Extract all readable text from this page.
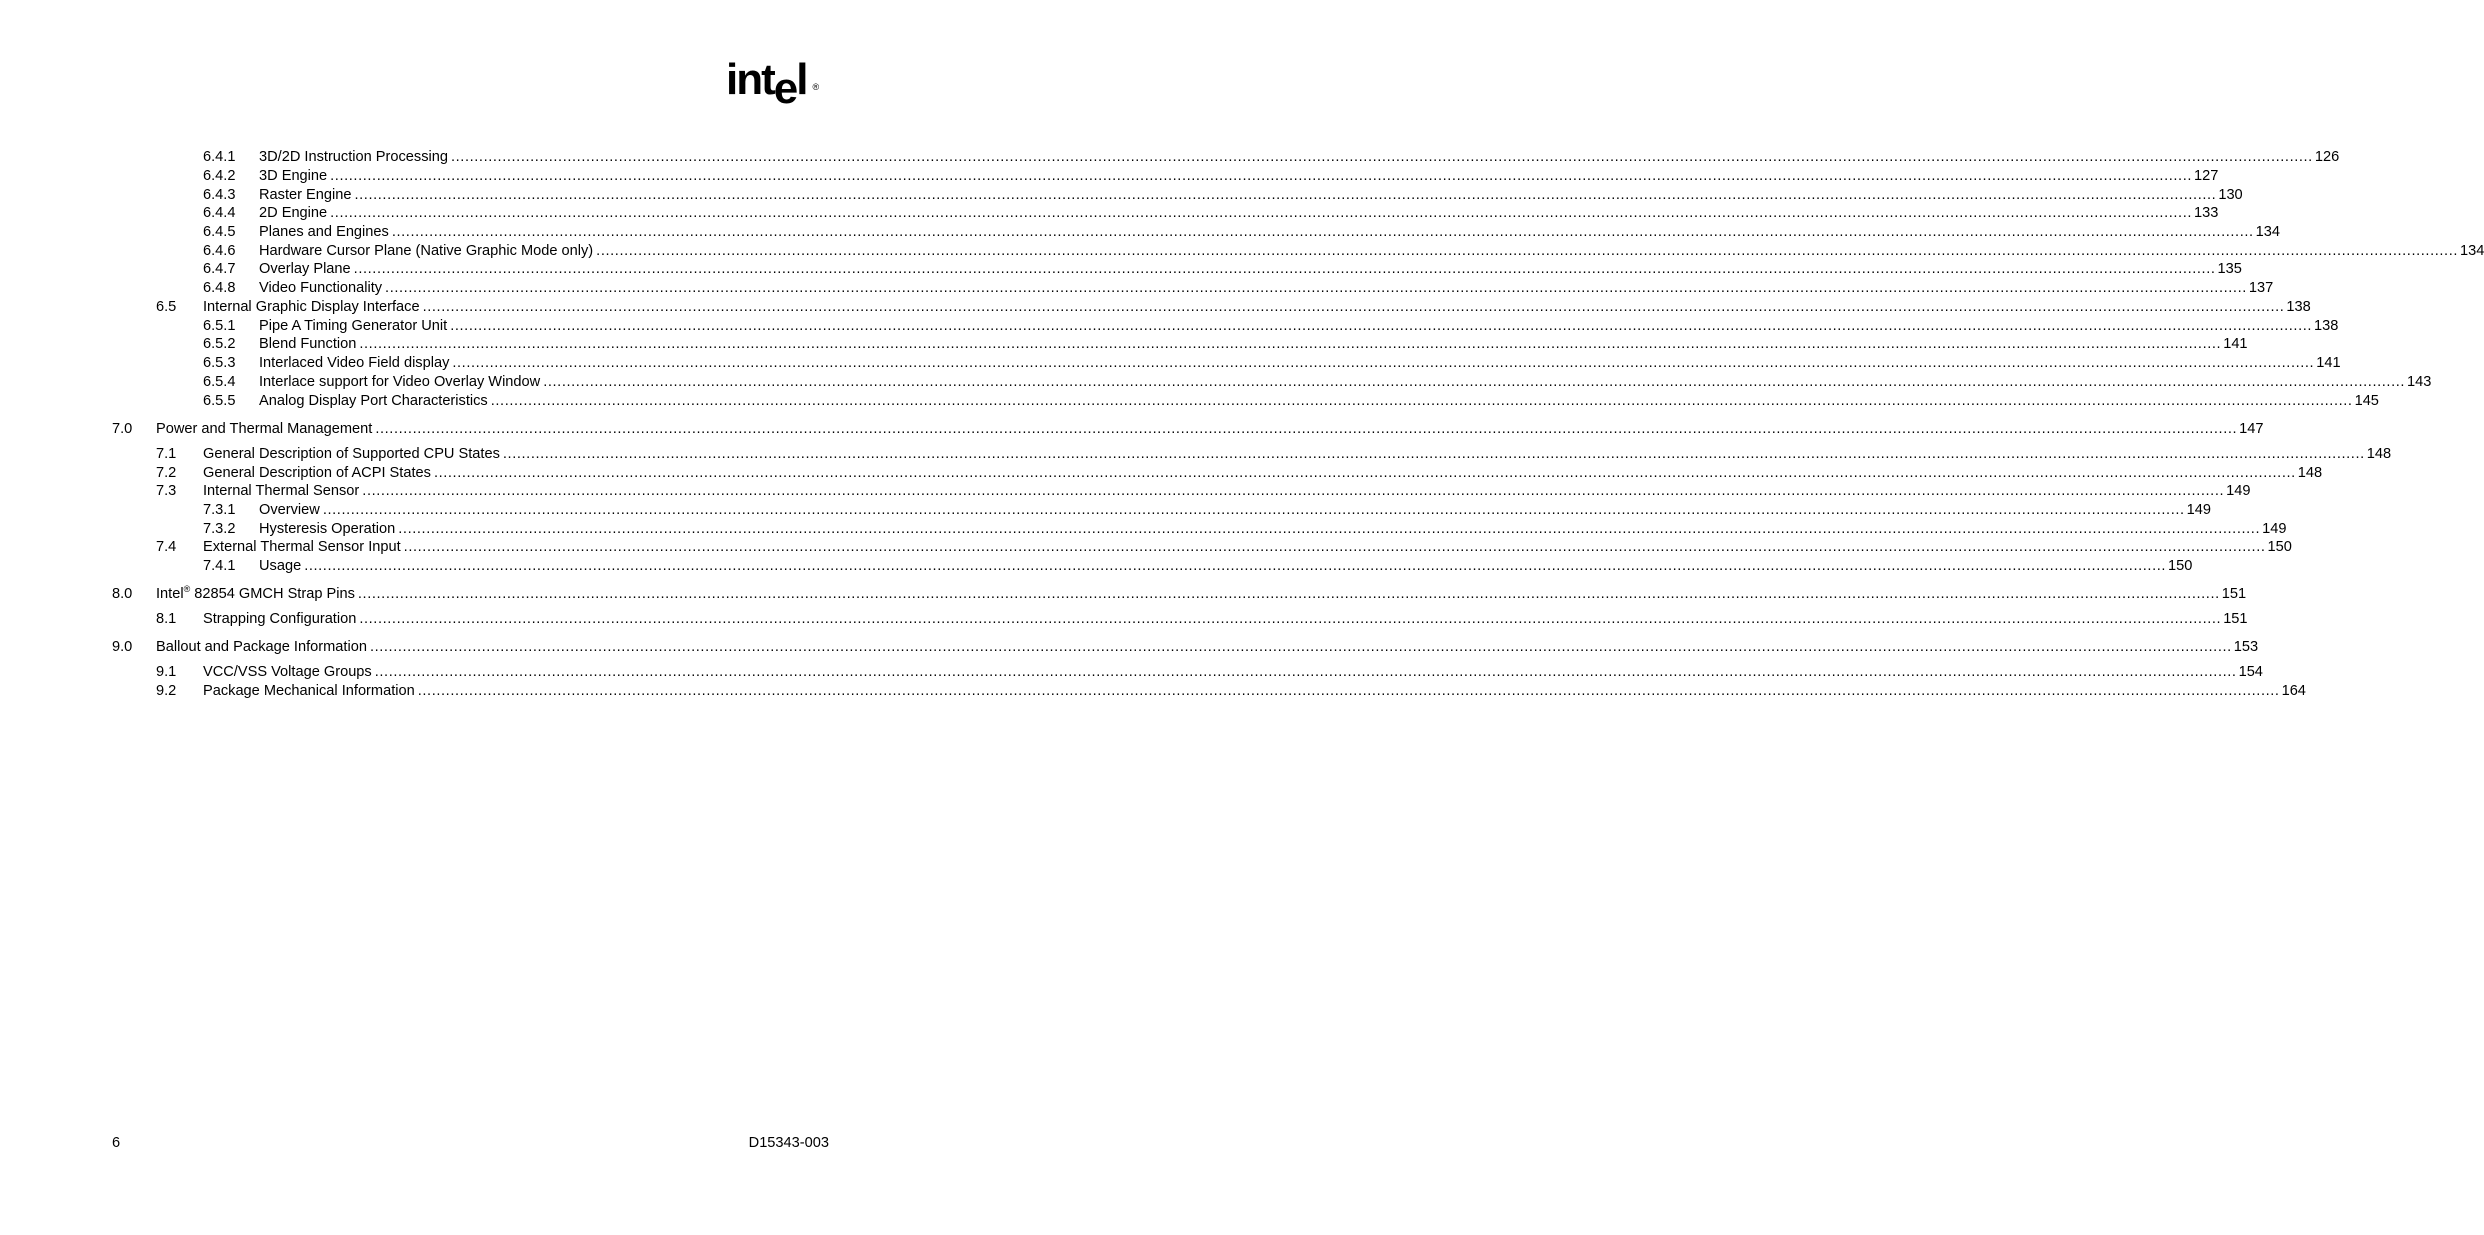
intel ®
6.4.1 3D/2D Instruction Processing ................................................................................................................................................................................................................................................................................................................................................................................................................ 126
6.4.2 3D Engine ................................................................................................................................................................................................................................................................................................................................................................................................................ 127
6.4.3 Raster Engine ................................................................................................................................................................................................................................................................................................................................................................................................................ 130
6.4.4 2D Engine ................................................................................................................................................................................................................................................................................................................................................................................................................ 133
6.4.5 Planes and Engines ................................................................................................................................................................................................................................................................................................................................................................................................................ 134
6.4.6 Hardware Cursor Plane (Native Graphic Mode only) ................................................................................................................................................................................................................................................................................................................................................................................................................ 134
6.4.7 Overlay Plane ................................................................................................................................................................................................................................................................................................................................................................................................................ 135
6.4.8 Video Functionality ................................................................................................................................................................................................................................................................................................................................................................................................................ 137
6.5 Internal Graphic Display Interface ................................................................................................................................................................................................................................................................................................................................................................................................................ 138
6.5.1 Pipe A Timing Generator Unit ................................................................................................................................................................................................................................................................................................................................................................................................................ 138
6.5.2 Blend Function ................................................................................................................................................................................................................................................................................................................................................................................................................ 141
6.5.3 Interlaced Video Field display ................................................................................................................................................................................................................................................................................................................................................................................................................ 141
6.5.4 Interlace support for Video Overlay Window ................................................................................................................................................................................................................................................................................................................................................................................................................ 143
6.5.5 Analog Display Port Characteristics ................................................................................................................................................................................................................................................................................................................................................................................................................ 145
7.0 Power and Thermal Management ................................................................................................................................................................................................................................................................................................................................................................................................................ 147
7.1 General Description of Supported CPU States ................................................................................................................................................................................................................................................................................................................................................................................................................ 148
7.2 General Description of ACPI States ................................................................................................................................................................................................................................................................................................................................................................................................................ 148
7.3 Internal Thermal Sensor ................................................................................................................................................................................................................................................................................................................................................................................................................ 149
7.3.1 Overview ................................................................................................................................................................................................................................................................................................................................................................................................................ 149
7.3.2 Hysteresis Operation ................................................................................................................................................................................................................................................................................................................................................................................................................ 149
7.4 External Thermal Sensor Input ................................................................................................................................................................................................................................................................................................................................................................................................................ 150
7.4.1 Usage ................................................................................................................................................................................................................................................................................................................................................................................................................ 150
8.0 Intel® 82854 GMCH Strap Pins ................................................................................................................................................................................................................................................................................................................................................................................................................ 151
8.1 Strapping Configuration ................................................................................................................................................................................................................................................................................................................................................................................................................ 151
9.0 Ballout and Package Information ................................................................................................................................................................................................................................................................................................................................................................................................................ 153
9.1 VCC/VSS Voltage Groups ................................................................................................................................................................................................................................................................................................................................................................................................................ 154
9.2 Package Mechanical Information ................................................................................................................................................................................................................................................................................................................................................................................................................ 164
6	D15343-003
